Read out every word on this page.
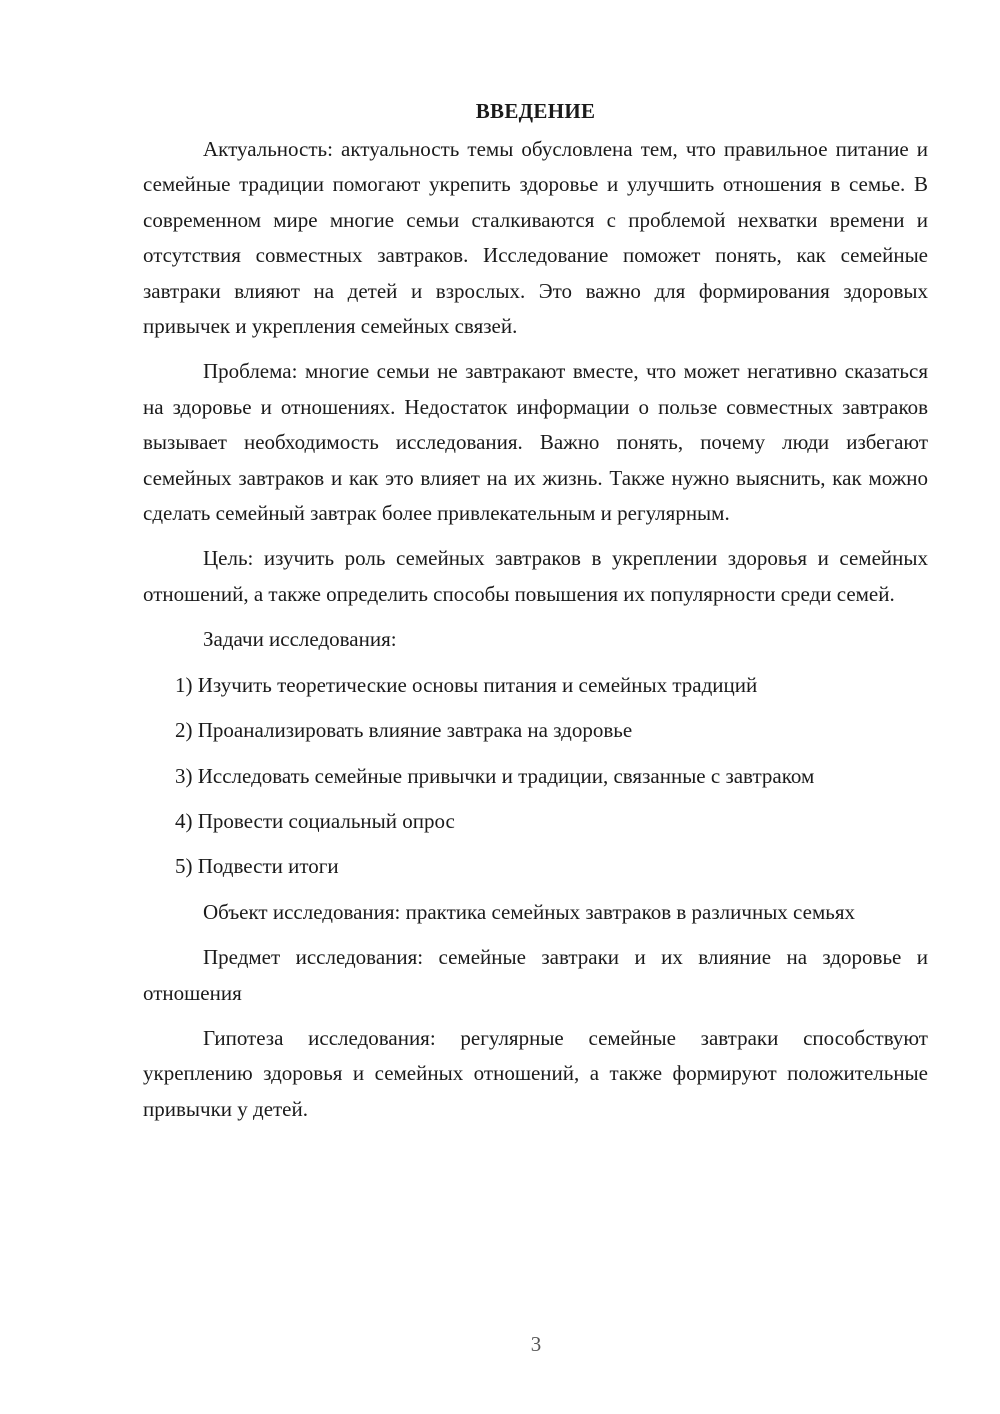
ВВЕДЕНИЕ

Актуальность: актуальность темы обусловлена тем, что правильное питание и семейные традиции помогают укрепить здоровье и улучшить отношения в семье. В современном мире многие семьи сталкиваются с проблемой нехватки времени и отсутствия совместных завтраков. Исследование поможет понять, как семейные завтраки влияют на детей и взрослых. Это важно для формирования здоровых привычек и укрепления семейных связей.

Проблема: многие семьи не завтракают вместе, что может негативно сказаться на здоровье и отношениях. Недостаток информации о пользе совместных завтраков вызывает необходимость исследования. Важно понять, почему люди избегают семейных завтраков и как это влияет на их жизнь. Также нужно выяснить, как можно сделать семейный завтрак более привлекательным и регулярным.

Цель: изучить роль семейных завтраков в укреплении здоровья и семейных отношений, а также определить способы повышения их популярности среди семей.

Задачи исследования:

1) Изучить теоретические основы питания и семейных традиций

2) Проанализировать влияние завтрака на здоровье

3) Исследовать семейные привычки и традиции, связанные с завтраком

4) Провести социальный опрос

5) Подвести итоги

Объект исследования: практика семейных завтраков в различных семьях

Предмет исследования: семейные завтраки и их влияние на здоровье и отношения

Гипотеза исследования: регулярные семейные завтраки способствуют укреплению здоровья и семейных отношений, а также формируют положительные привычки у детей.

3
